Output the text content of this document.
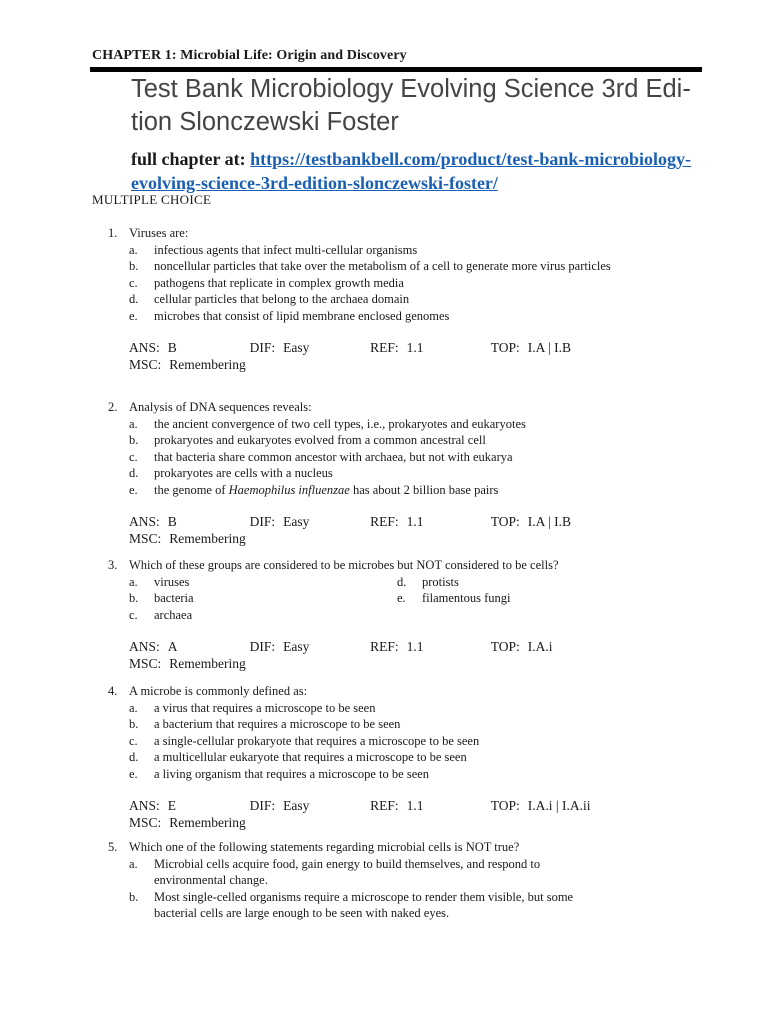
CHAPTER 1: Microbial Life: Origin and Discovery
Test Bank Microbiology Evolving Science 3rd Edi-tion Slonczewski Foster
full chapter at: https://testbankbell.com/product/test-bank-microbiology-evolving-science-3rd-edition-slonczewski-foster/
MULTIPLE CHOICE
1. Viruses are:
a.	infectious agents that infect multi-cellular organisms
b.	noncellular particles that take over the metabolism of a cell to generate more virus particles
c.	pathogens that replicate in complex growth media
d.	cellular particles that belong to the archaea domain
e.	microbes that consist of lipid membrane enclosed genomes
ANS: B	DIF: Easy	REF: 1.1	TOP: I.A | I.B
MSC: Remembering
2. Analysis of DNA sequences reveals:
a.	the ancient convergence of two cell types, i.e., prokaryotes and eukaryotes
b.	prokaryotes and eukaryotes evolved from a common ancestral cell
c.	that bacteria share common ancestor with archaea, but not with eukarya
d.	prokaryotes are cells with a nucleus
e.	the genome of Haemophilus influenzae has about 2 billion base pairs
ANS: B	DIF: Easy	REF: 1.1	TOP: I.A | I.B
MSC: Remembering
3. Which of these groups are considered to be microbes but NOT considered to be cells?
a.	viruses	d.	protists
b.	bacteria	e.	filamentous fungi
c.	archaea
ANS: A	DIF: Easy	REF: 1.1	TOP: I.A.i
MSC: Remembering
4. A microbe is commonly defined as:
a.	a virus that requires a microscope to be seen
b.	a bacterium that requires a microscope to be seen
c.	a single-cellular prokaryote that requires a microscope to be seen
d.	a multicellular eukaryote that requires a microscope to be seen
e.	a living organism that requires a microscope to be seen
ANS: E	DIF: Easy	REF: 1.1	TOP: I.A.i | I.A.ii
MSC: Remembering
5. Which one of the following statements regarding microbial cells is NOT true?
a.	Microbial cells acquire food, gain energy to build themselves, and respond to environmental change.
b.	Most single-celled organisms require a microscope to render them visible, but some bacterial cells are large enough to be seen with naked eyes.
